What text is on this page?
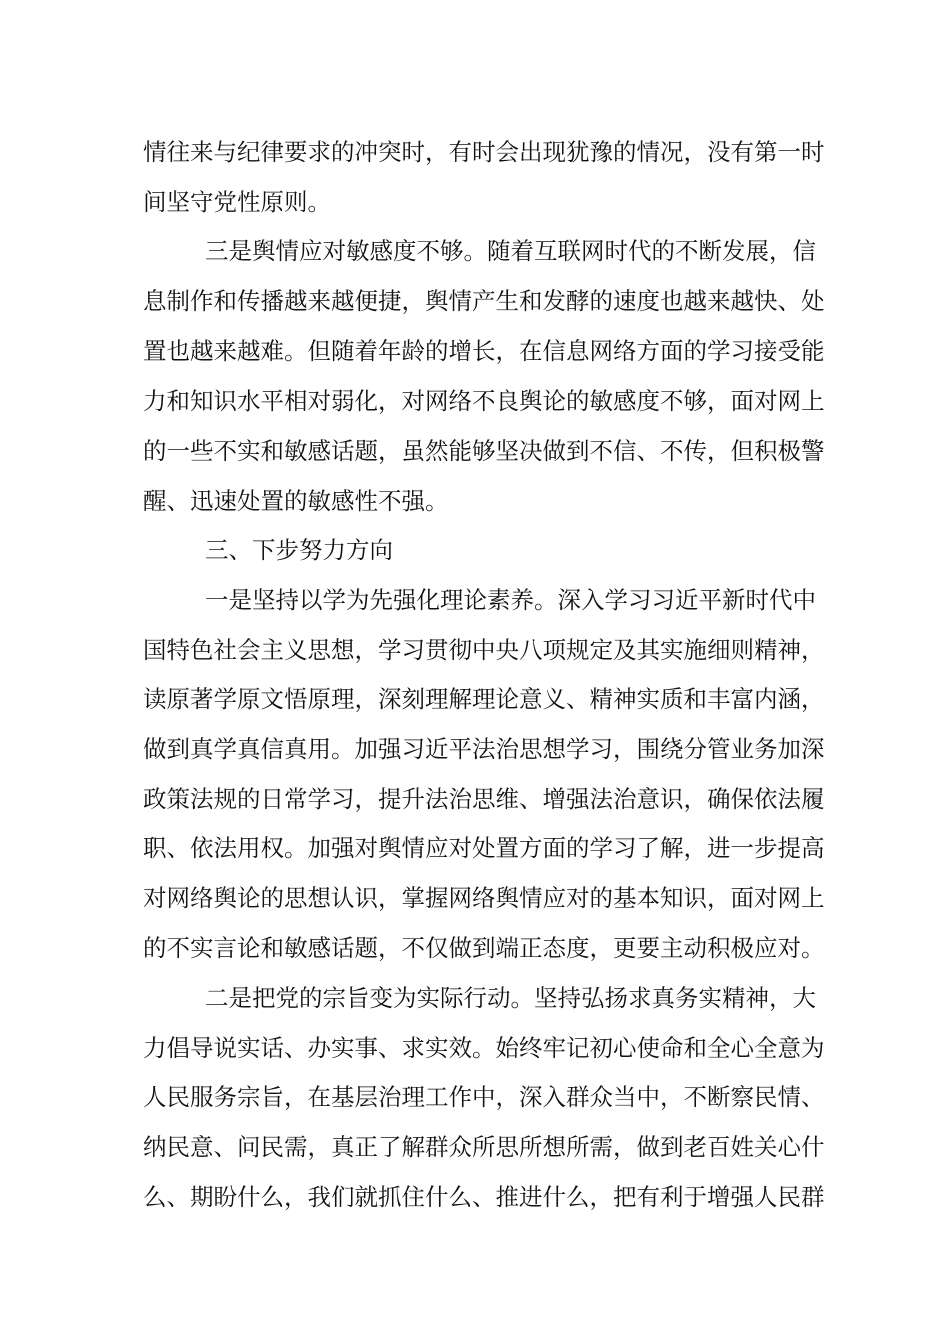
情往来与纪律要求的冲突时，有时会出现犹豫的情况，没有第一时
间坚守党性原则。
三是舆情应对敏感度不够。随着互联网时代的不断发展，信
息制作和传播越来越便捷，舆情产生和发酵的速度也越来越快、处
置也越来越难。但随着年龄的增长，在信息网络方面的学习接受能
力和知识水平相对弱化，对网络不良舆论的敏感度不够，面对网上
的一些不实和敏感话题，虽然能够坚决做到不信、不传，但积极警
醒、迅速处置的敏感性不强。
三、下步努力方向
一是坚持以学为先强化理论素养。深入学习习近平新时代中
国特色社会主义思想，学习贯彻中央八项规定及其实施细则精神，
读原著学原文悟原理，深刻理解理论意义、精神实质和丰富内涵，
做到真学真信真用。加强习近平法治思想学习，围绕分管业务加深
政策法规的日常学习，提升法治思维、增强法治意识，确保依法履
职、依法用权。加强对舆情应对处置方面的学习了解，进一步提高
对网络舆论的思想认识，掌握网络舆情应对的基本知识，面对网上
的不实言论和敏感话题，不仅做到端正态度，更要主动积极应对。
二是把党的宗旨变为实际行动。坚持弘扬求真务实精神，大
力倡导说实话、办实事、求实效。始终牢记初心使命和全心全意为
人民服务宗旨，在基层治理工作中，深入群众当中，不断察民情、
纳民意、问民需，真正了解群众所思所想所需，做到老百姓关心什
么、期盼什么，我们就抓住什么、推进什么，把有利于增强人民群
